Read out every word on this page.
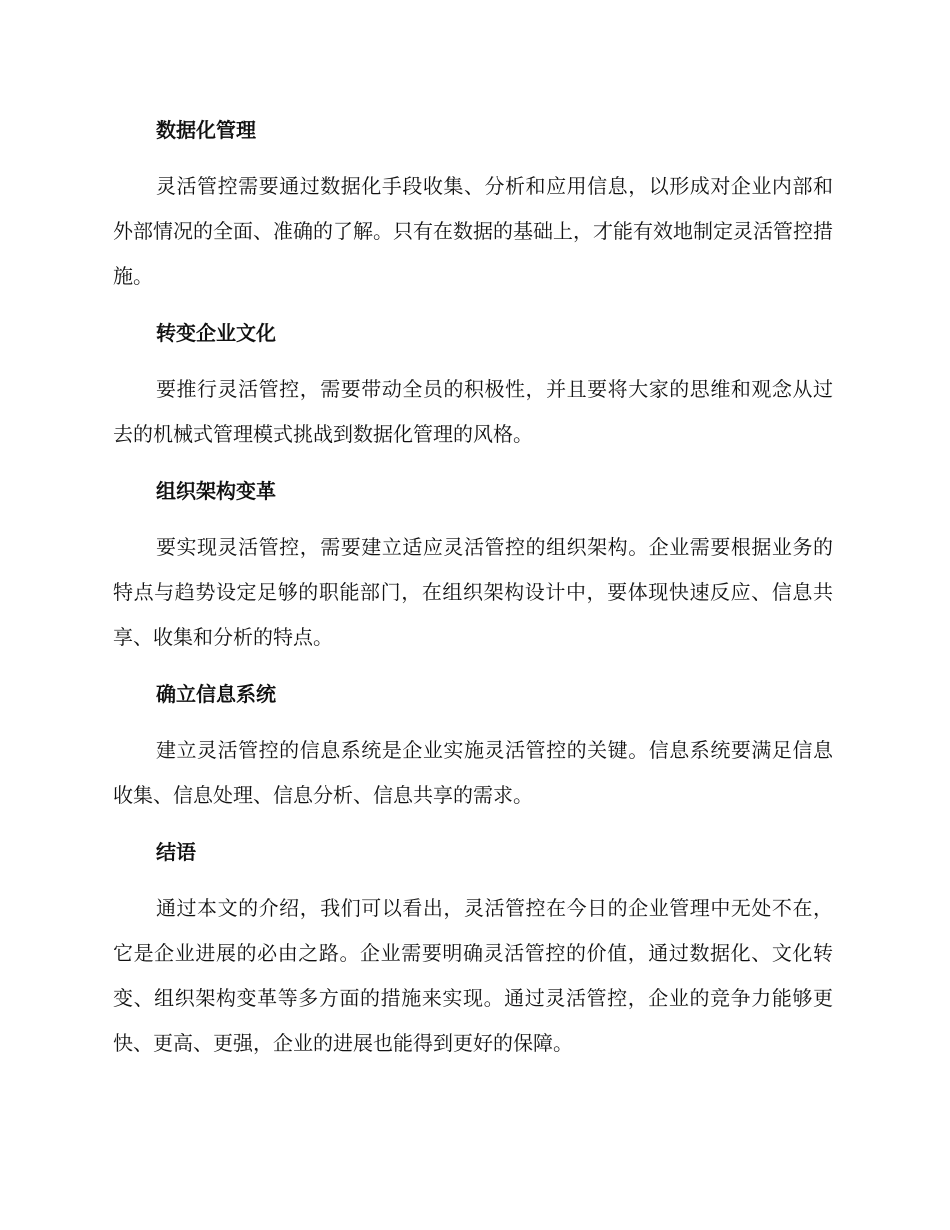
数据化管理

灵活管控需要通过数据化手段收集、分析和应用信息，以形成对企业内部和外部情况的全面、准确的了解。只有在数据的基础上，才能有效地制定灵活管控措施。

转变企业文化

要推行灵活管控，需要带动全员的积极性，并且要将大家的思维和观念从过去的机械式管理模式挑战到数据化管理的风格。

组织架构变革

要实现灵活管控，需要建立适应灵活管控的组织架构。企业需要根据业务的特点与趋势设定足够的职能部门，在组织架构设计中，要体现快速反应、信息共享、收集和分析的特点。

确立信息系统

建立灵活管控的信息系统是企业实施灵活管控的关键。信息系统要满足信息收集、信息处理、信息分析、信息共享的需求。

结语

通过本文的介绍，我们可以看出，灵活管控在今日的企业管理中无处不在，它是企业进展的必由之路。企业需要明确灵活管控的价值，通过数据化、文化转变、组织架构变革等多方面的措施来实现。通过灵活管控，企业的竞争力能够更快、更高、更强，企业的进展也能得到更好的保障。
